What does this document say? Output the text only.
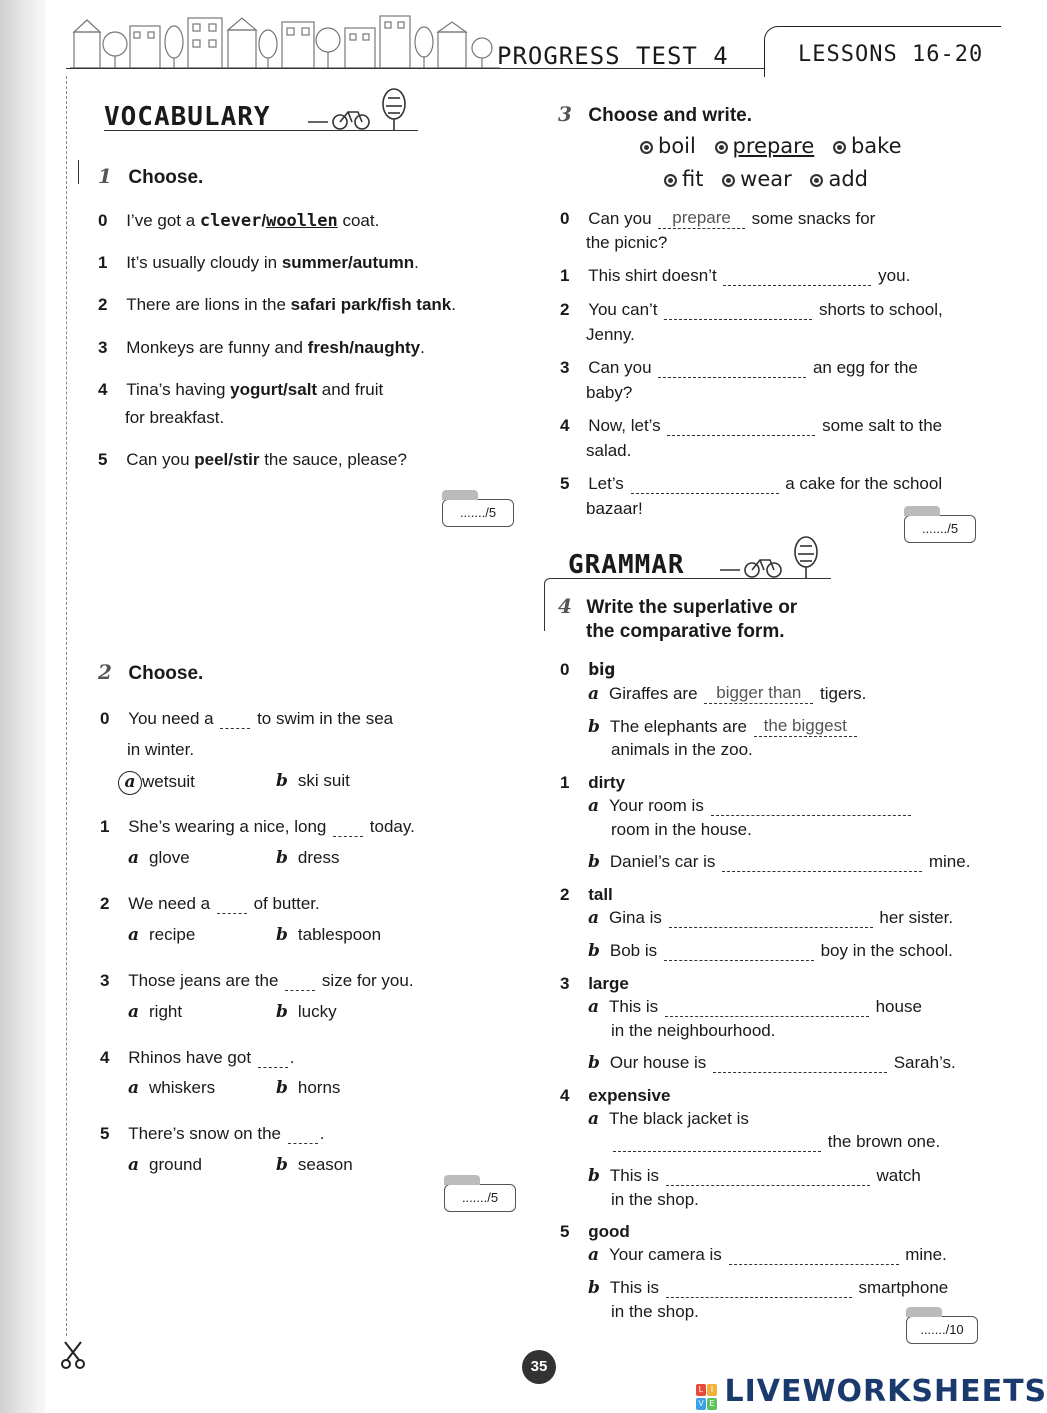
PROGRESS TEST 4	LESSONS 16-20
VOCABULARY
1 Choose.
0 I’ve got a clever/woollen coat.
1 It’s usually cloudy in summer/autumn.
2 There are lions in the safari park/fish tank.
3 Monkeys are funny and fresh/naughty.
4 Tina’s having yogurt/salt and fruit
for breakfast.
5 Can you peel/stir the sauce, please?
......./5
2 Choose.
0 You need a  to swim in the sea
in winter.
a wetsuit	b ski suit
1 She’s wearing a nice, long  today.
a glove	b dress
2 We need a  of butter.
a recipe	b tablespoon
3 Those jeans are the  size for you.
a right	b lucky
4 Rhinos have got .
a whiskers	b horns
5 There’s snow on the .
a ground	b season
......./5
3 Choose and write.
boil prepare bake
fit wear add
0 Can you prepare some snacks for
the picnic?
1 This shirt doesn’t	you.
2 You can’t	shorts to school,
Jenny.
3 Can you	an egg for the
baby?
4 Now, let’s	some salt to the
salad.
5 Let’s	a cake for the school
bazaar!
......./5
GRAMMAR
4 Write the superlative or
the comparative form.
0 big
a Giraffes are bigger than tigers.
b The elephants are the biggest
animals in the zoo.
1 dirty
a Your room is
room in the house.
b Daniel’s car is	mine.
2 tall
a Gina is	her sister.
b Bob is	boy in the school.
3 large
a This is	house
in the neighbourhood.
b Our house is	Sarah’s.
4 expensive
a The black jacket is
the brown one.
b This is	watch
in the shop.
5 good
a Your camera is	mine.
b This is	smartphone
in the shop.
......./10
35
L I
V E LIVEWORKSHEETS
